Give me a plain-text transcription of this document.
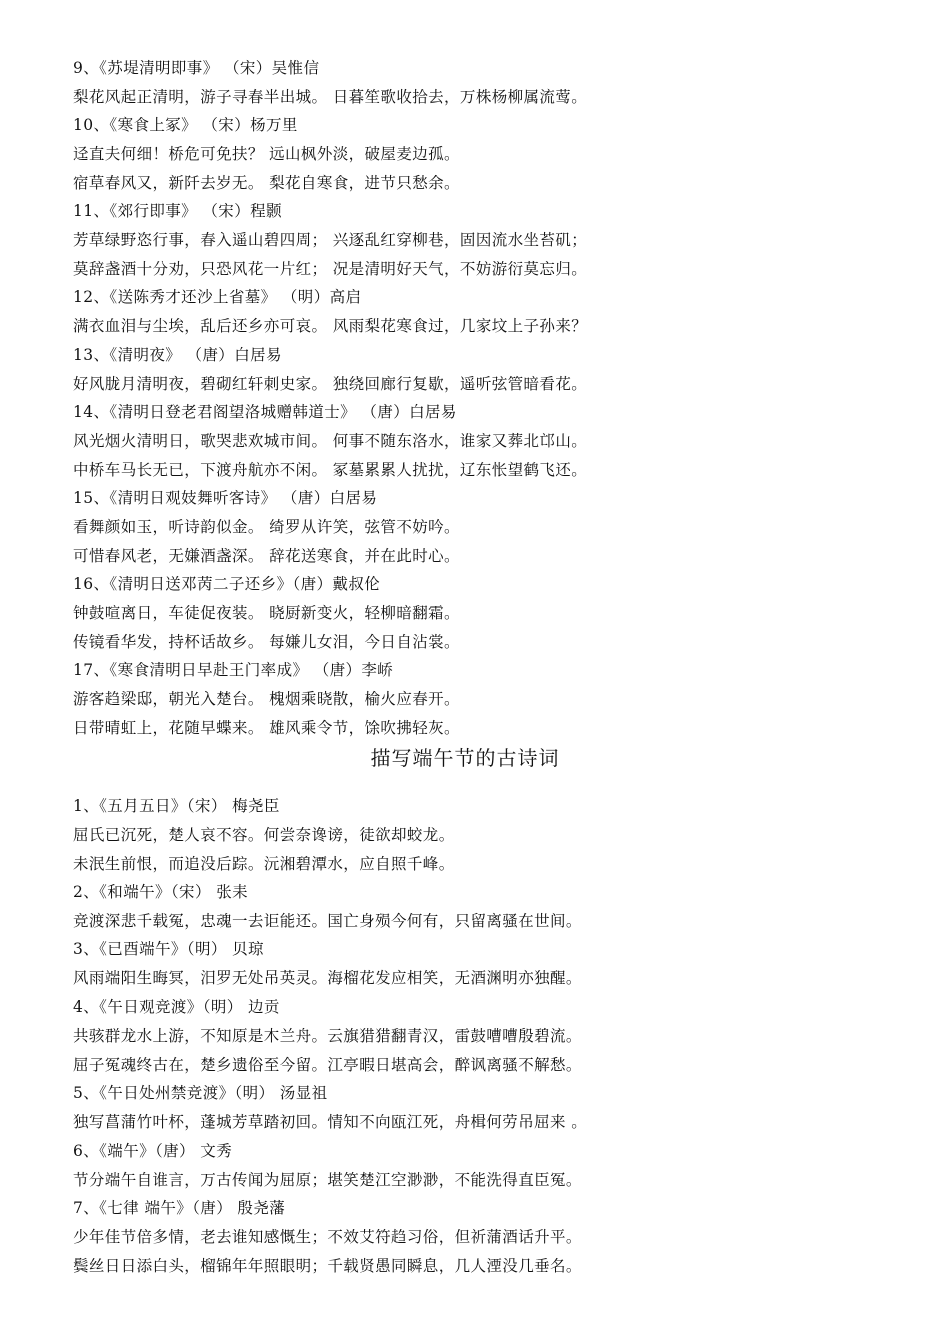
9、《苏堤清明即事》 （宋）吴惟信
梨花风起正清明，游子寻春半出城。 日暮笙歌收拾去，万株杨柳属流莺。
10、《寒食上冢》 （宋）杨万里
迳直夫何细！桥危可免扶？ 远山枫外淡，破屋麦边孤。
宿草春风又，新阡去岁无。 梨花自寒食，进节只愁余。
11、《郊行即事》 （宋）程颢
芳草绿野恣行事，春入遥山碧四周； 兴逐乱红穿柳巷，固因流水坐苔矶；
莫辞盏酒十分劝，只恐风花一片红； 况是清明好天气，不妨游衍莫忘归。
12、《送陈秀才还沙上省墓》 （明）高启
满衣血泪与尘埃，乱后还乡亦可哀。 风雨梨花寒食过，几家坟上子孙来？
13、《清明夜》 （唐）白居易
好风胧月清明夜，碧砌红轩刺史家。 独绕回廊行复歇，遥听弦管暗看花。
14、《清明日登老君阁望洛城赠韩道士》 （唐）白居易
风光烟火清明日，歌哭悲欢城市间。 何事不随东洛水，谁家又葬北邙山。
中桥车马长无已，下渡舟航亦不闲。 冢墓累累人扰扰，辽东怅望鹤飞还。
15、《清明日观妓舞听客诗》 （唐）白居易
看舞颜如玉，听诗韵似金。 绮罗从许笑，弦管不妨吟。
可惜春风老，无嫌酒盏深。 辞花送寒食，并在此时心。
16、《清明日送邓苪二子还乡》（唐）戴叔伦
钟鼓喧离日，车徒促夜装。 晓厨新变火，轻柳暗翻霜。
传镜看华发，持杯话故乡。 每嫌儿女泪，今日自沾裳。
17、《寒食清明日早赴王门率成》 （唐）李峤
游客趋梁邸，朝光入楚台。 槐烟乘晓散，榆火应春开。
日带晴虹上，花随早蝶来。 雄风乘令节，馀吹拂轻灰。
描写端午节的古诗词
1、《五月五日》（宋） 梅尧臣
屈氏已沉死，楚人哀不容。何尝奈谗谤，徒欲却蛟龙。
未泯生前恨，而追没后踪。沅湘碧潭水，应自照千峰。
2、《和端午》（宋） 张耒
竞渡深悲千载冤，忠魂一去讵能还。国亡身殒今何有，只留离骚在世间。
3、《已酉端午》（明） 贝琼
风雨端阳生晦冥，汨罗无处吊英灵。海榴花发应相笑，无酒渊明亦独醒。
4、《午日观竞渡》（明） 边贡
共骇群龙水上游，不知原是木兰舟。云旗猎猎翻青汉，雷鼓嘈嘈殷碧流。
屈子冤魂终古在，楚乡遗俗至今留。江亭暇日堪高会，醉讽离骚不解愁。
5、《午日处州禁竞渡》（明） 汤显祖
独写菖蒲竹叶杯，蓬城芳草踏初回。情知不向瓯江死，舟楫何劳吊屈来 。
6、《端午》（唐） 文秀
节分端午自谁言，万古传闻为屈原；堪笑楚江空渺渺，不能洗得直臣冤。
7、《七律 端午》（唐） 殷尧藩
少年佳节倍多情，老去谁知感慨生；不效艾符趋习俗，但祈蒲酒话升平。
鬓丝日日添白头，榴锦年年照眼明；千载贤愚同瞬息，几人湮没几垂名。
